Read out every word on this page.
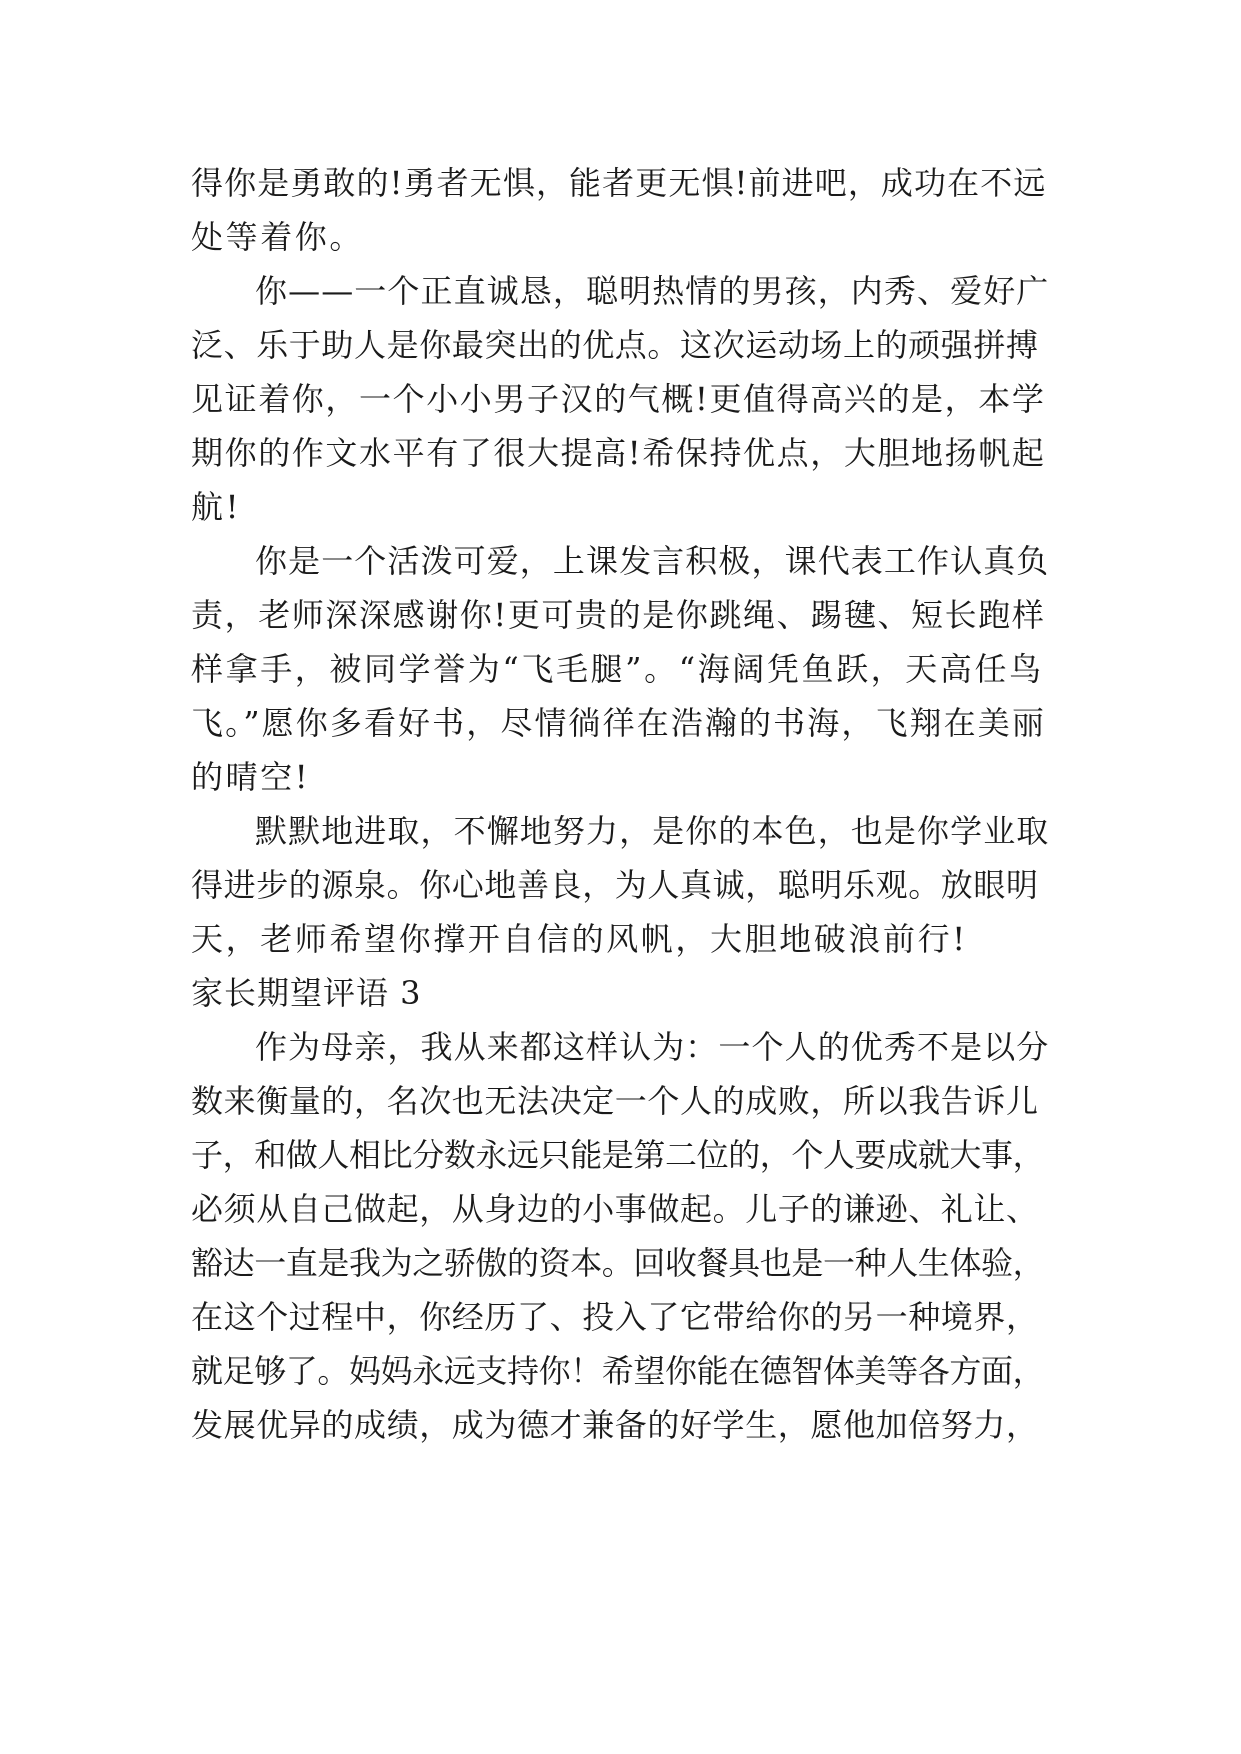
得你是勇敢的!勇者无惧，能者更无惧!前进吧，成功在不远
处等着你。
你——一个正直诚恳，聪明热情的男孩，内秀、爱好广
泛、乐于助人是你最突出的优点。这次运动场上的顽强拼搏
见证着你，一个小小男子汉的气概!更值得高兴的是，本学
期你的作文水平有了很大提高!希保持优点，大胆地扬帆起
航!
你是一个活泼可爱，上课发言积极，课代表工作认真负
责，老师深深感谢你!更可贵的是你跳绳、踢毽、短长跑样
样拿手，被同学誉为“飞毛腿”。“海阔凭鱼跃，天高任鸟
飞。”愿你多看好书，尽情徜徉在浩瀚的书海，飞翔在美丽
的晴空!
默默地进取，不懈地努力，是你的本色，也是你学业取
得进步的源泉。你心地善良，为人真诚，聪明乐观。放眼明
天，老师希望你撑开自信的风帆，大胆地破浪前行!
家长期望评语 3
作为母亲，我从来都这样认为：一个人的优秀不是以分
数来衡量的，名次也无法决定一个人的成败，所以我告诉儿
子，和做人相比分数永远只能是第二位的，个人要成就大事，
必须从自己做起，从身边的小事做起。儿子的谦逊、礼让、
豁达一直是我为之骄傲的资本。回收餐具也是一种人生体验，
在这个过程中，你经历了、投入了它带给你的另一种境界，
就足够了。妈妈永远支持你！希望你能在德智体美等各方面，
发展优异的成绩，成为德才兼备的好学生，愿他加倍努力，
